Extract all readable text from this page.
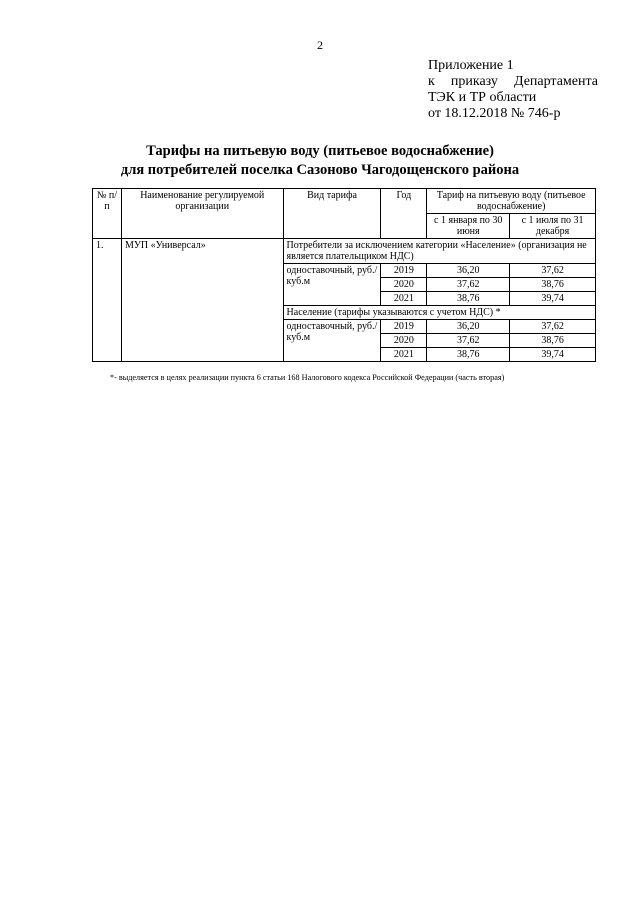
2
Приложение 1

к приказу Департамента
ТЭК и ТР области
от 18.12.2018 № 746-р
Тарифы на питьевую воду (питьевое водоснабжение)
для потребителей поселка Сазоново Чагодощенского района
№ п/п	Наименование регулируемой организации	Вид тарифа	Год	Тариф на питьевую воду (питьевое водоснабжение)	
				с 1 января по 30 июня	с 1 июля по 31 декабря
1.	МУП «Универсал»	Потребители за исключением категории «Население» (организация не является плательщиком НДС)			
		одноставочный, руб./куб.м	2019	36,20	37,62
			2020	37,62	38,76
			2021	38,76	39,74
		Население (тарифы указываются с учетом НДС) *			
		одноставочный, руб./куб.м	2019	36,20	37,62
			2020	37,62	38,76
			2021	38,76	39,74
*- выделяется в целях реализации пункта 6 статьи 168 Налогового кодекса Российской Федерации (часть вторая)
